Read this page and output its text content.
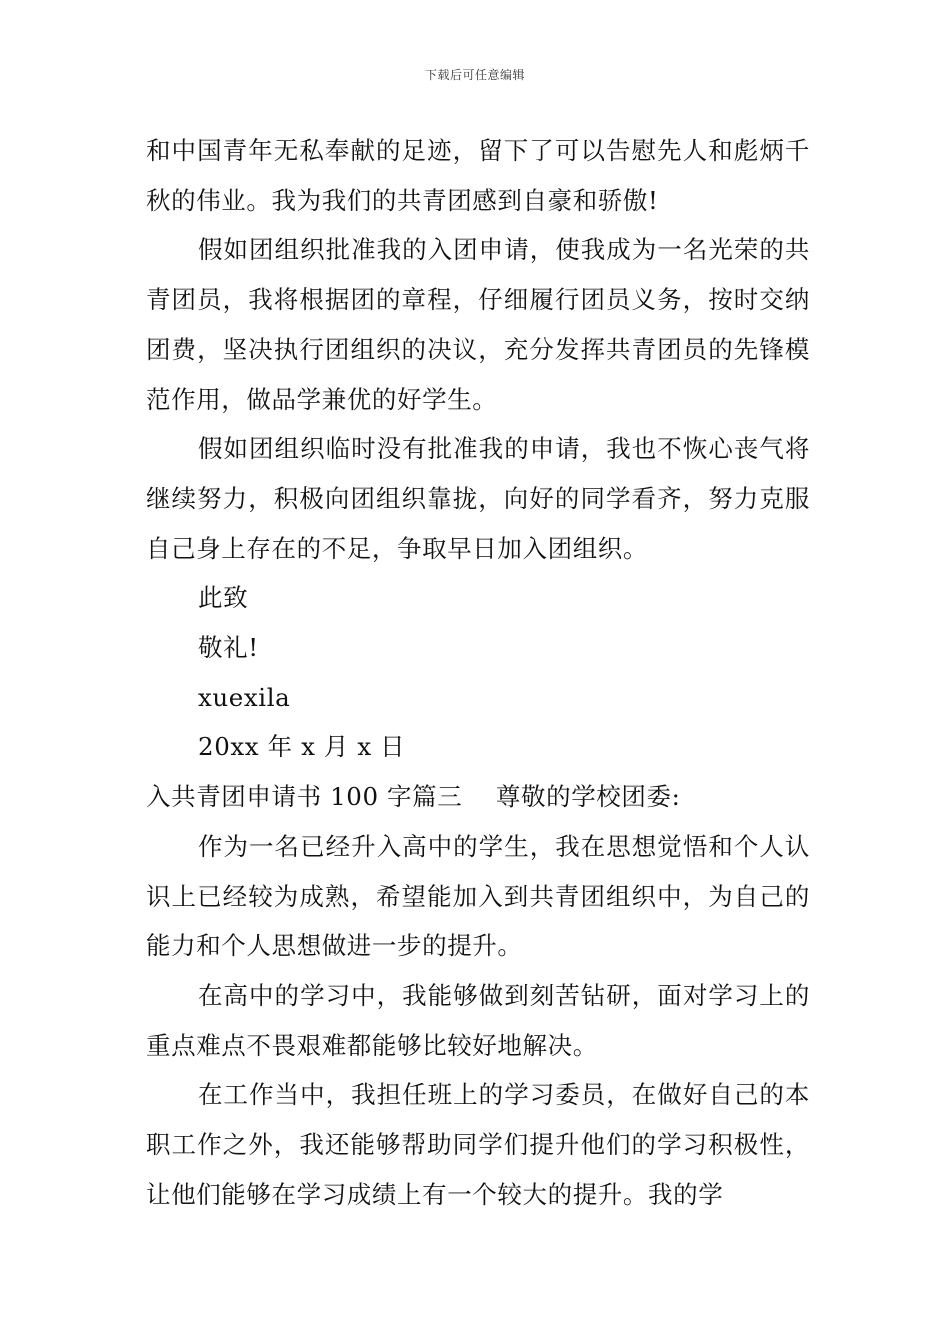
下载后可任意编辑

和中国青年无私奉献的足迹，留下了可以告慰先人和彪炳千秋的伟业。我为我们的共青团感到自豪和骄傲!

假如团组织批准我的入团申请，使我成为一名光荣的共青团员，我将根据团的章程，仔细履行团员义务，按时交纳团费，坚决执行团组织的决议，充分发挥共青团员的先锋模范作用，做品学兼优的好学生。

假如团组织临时没有批准我的申请，我也不恢心丧气将继续努力，积极向团组织靠拢，向好的同学看齐，努力克服自己身上存在的不足，争取早日加入团组织。

此致

敬礼!

xuexila

20xx 年 x 月 x 日

入共青团申请书 100 字篇三    尊敬的学校团委:

作为一名已经升入高中的学生，我在思想觉悟和个人认识上已经较为成熟，希望能加入到共青团组织中，为自己的能力和个人思想做进一步的提升。

在高中的学习中，我能够做到刻苦钻研，面对学习上的重点难点不畏艰难都能够比较好地解决。

在工作当中，我担任班上的学习委员，在做好自己的本职工作之外，我还能够帮助同学们提升他们的学习积极性，让他们能够在学习成绩上有一个较大的提升。我的学
